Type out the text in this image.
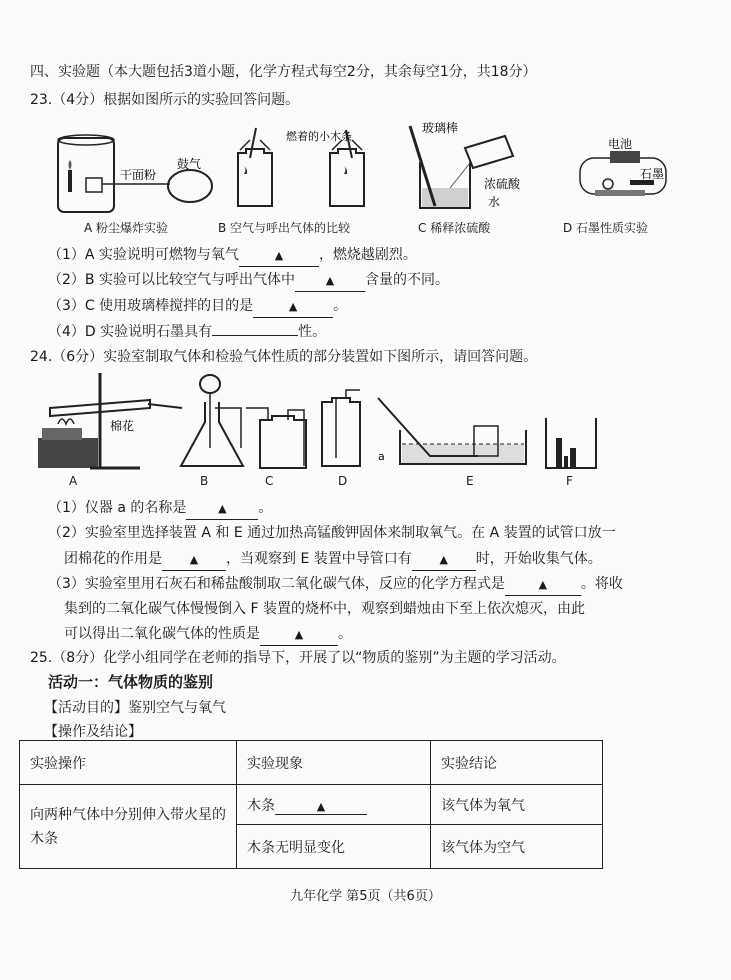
四、实验题（本大题包括3道小题，化学方程式每空2分，其余每空1分，共18分）
23.（4分）根据如图所示的实验回答问题。
干面粉
鼓气
燃着的小木条
玻璃棒
浓硫酸
水
电池
石墨
A 粉尘爆炸实验	B 空气与呼出气体的比较	C 稀释浓硫酸	D 石墨性质实验
（1）A 实验说明可燃物与氧气	▲	，燃烧越剧烈。
（2）B 实验可以比较空气与呼出气体中	▲ 含量的不同。
（3）C 使用玻璃棒搅拌的目的是	▲	。
（4）D 实验说明石墨具有	性。
24.（6分）实验室制取气体和检验气体性质的部分装置如下图所示，请回答问题。
棉花
a
A	B	C	D	E	F
（1）仪器 a 的名称是	▲ 。
（2）实验室里选择装置 A 和 E 通过加热高锰酸钾固体来制取氧气。在 A 装置的试管口放一
团棉花的作用是	▲ ，当观察到 E 装置中导管口有	▲ 时，开始收集气体。
（3）实验室里用石灰石和稀盐酸制取二氧化碳气体，反应的化学方程式是	▲ 。将收
集到的二氧化碳气体慢慢倒入 F 装置的烧杯中，观察到蜡烛由下至上依次熄灭，由此
可以得出二氧化碳气体的性质是	▲ 。
25.（8分）化学小组同学在老师的指导下，开展了以“物质的鉴别”为主题的学习活动。
活动一：气体物质的鉴别
【活动目的】鉴别空气与氧气
【操作及结论】
实验操作	实验现象	实验结论
向两种气体中分别伸入带火星的木条	木条 ▲	该气体为氧气
	木条无明显变化	该气体为空气
九年化学 第5页（共6页）
